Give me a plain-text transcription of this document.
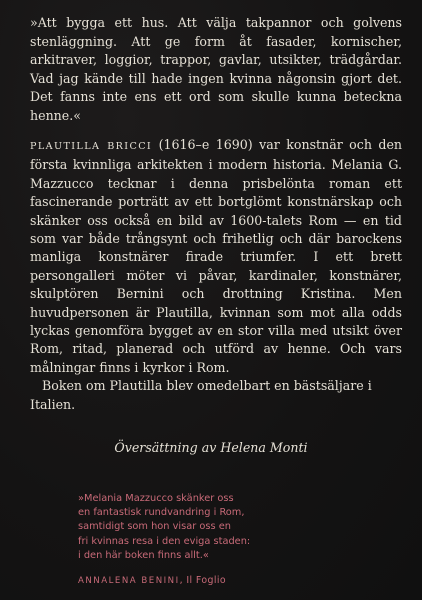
»Att bygga ett hus. Att välja takpannor och golvens stenläggning. Att ge form åt fasader, kornischer, arkitraver, loggior, trappor, gavlar, utsikter, trädgårdar. Vad jag kände till hade ingen kvinna någonsin gjort det. Det fanns inte ens ett ord som skulle kunna beteckna henne.«

PLAUTILLA BRICCI (1616–e 1690) var konstnär och den första kvinnliga arkitekten i modern historia. Melania G. Mazzucco tecknar i denna prisbelönta roman ett fascinerande porträtt av ett bortglömt konstnärskap och skänker oss också en bild av 1600-talets Rom — en tid som var både trångsynt och frihetlig och där barockens manliga konstnärer firade triumfer. I ett brett persongalleri möter vi påvar, kardinaler, konstnärer, skulptören Bernini och drottning Kristina. Men huvudpersonen är Plautilla, kvinnan som mot alla odds lyckas genomföra bygget av en stor villa med utsikt över Rom, ritad, planerad och utförd av henne. Och vars målningar finns i kyrkor i Rom.

Boken om Plautilla blev omedelbart en bästsäljare i Italien.

Översättning av Helena Monti

»Melania Mazzucco skänker oss

en fantastisk rundvandring i Rom,

samtidigt som hon visar oss en

fri kvinnas resa i den eviga staden:

i den här boken finns allt.«

ANNALENA BENINI, Il Foglio
